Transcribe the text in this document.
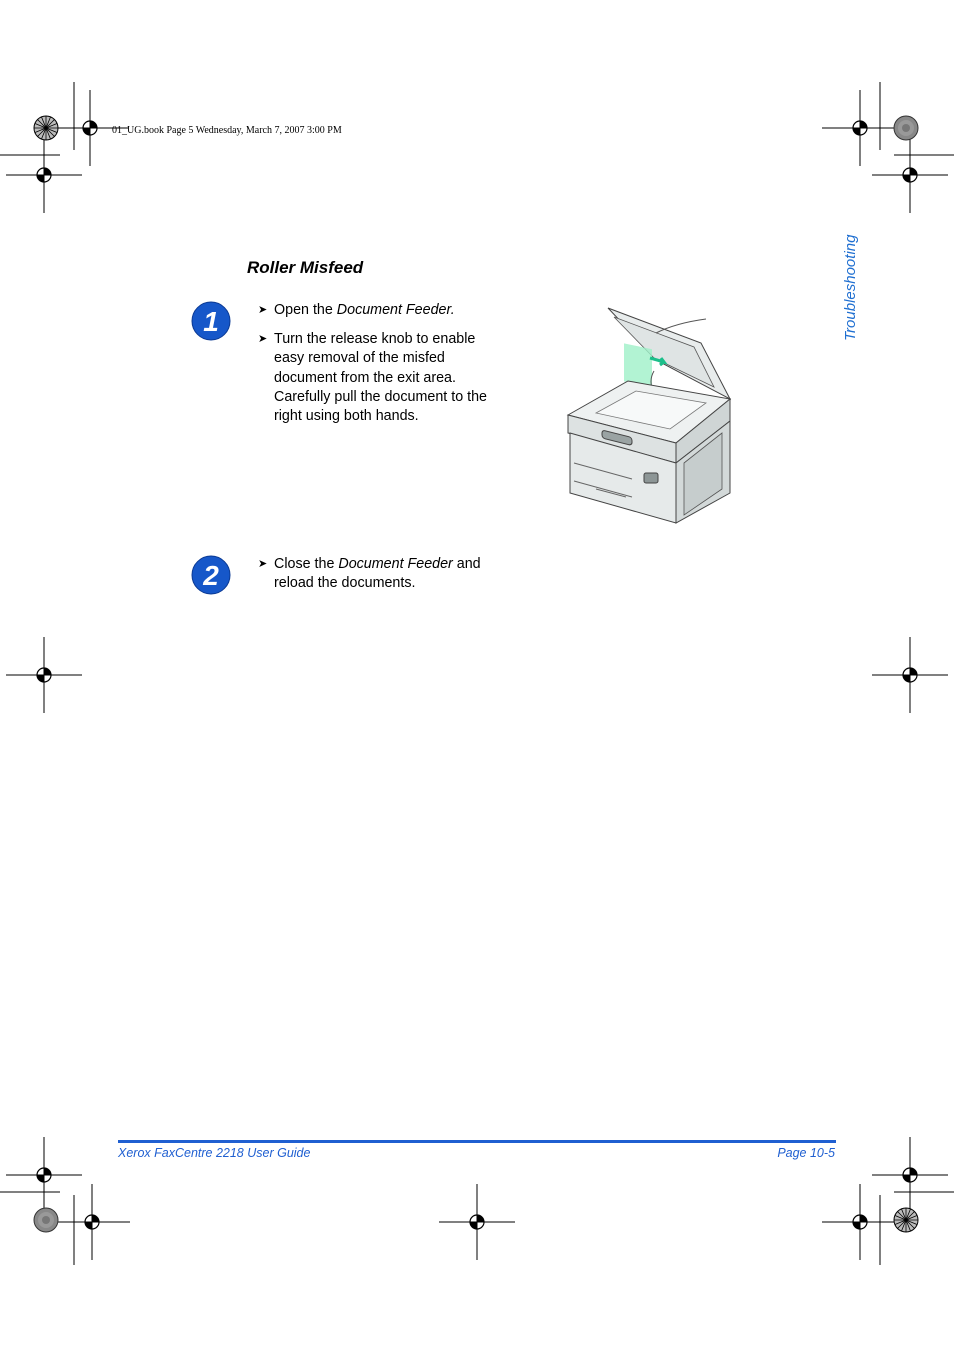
01_UG.book Page 5 Wednesday, March 7, 2007 3:00 PM
Troubleshooting
Roller Misfeed
1	➤ Open the Document Feeder.
➤ Turn the release knob to enable easy removal of the misfed document from the exit area. Carefully pull the document to the right using both hands.
2	➤ Close the Document Feeder and reload the documents.
Xerox FaxCentre 2218 User Guide	Page 10-5
